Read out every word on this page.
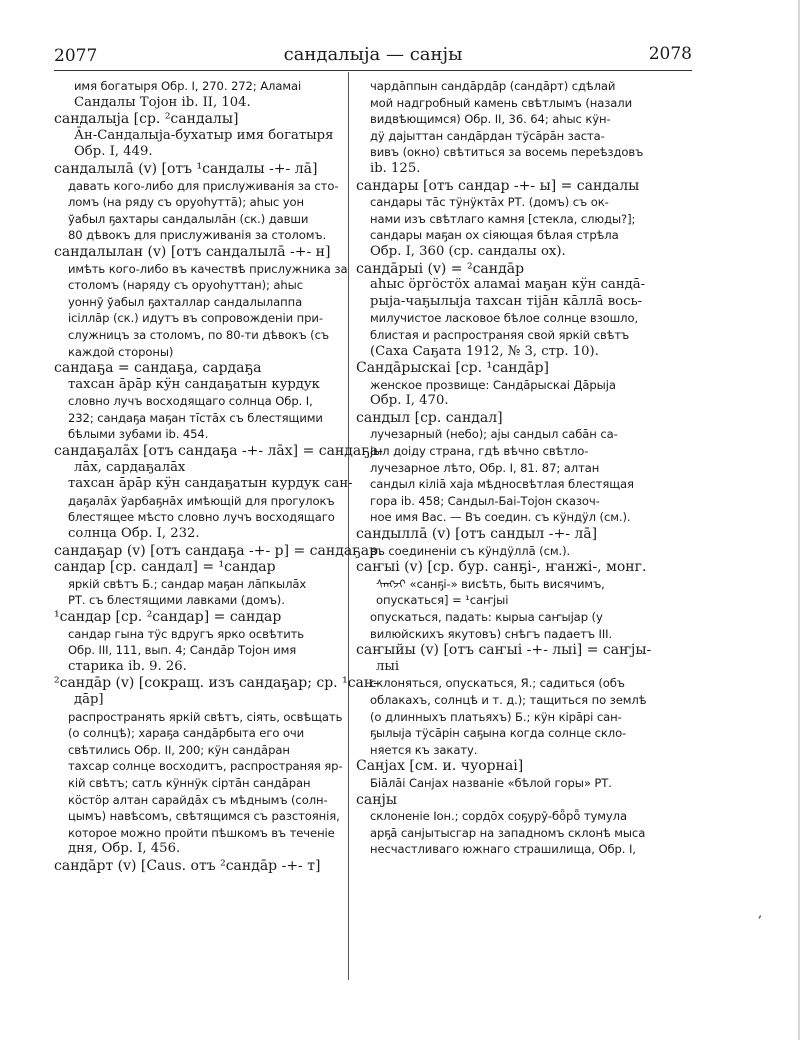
2077	сандалыја — санјы	2078
имя богатыря Обр. I, 270. 272; Аламаі
Сандалы Тојон ib. II, 104.
сандалыја [ср. ²сандалы]
А̄н-Сандалыја-бухатыр имя богатыря
Обр. I, 449.
сандалыла̄ (v) [отъ ¹сандалы -+- ла̄]
давать кого-либо для прислуживанія за сто-
ломъ (на ряду съ оруоһуттā); аһыс уон
ўабыл ҕахтары сандалыла̄н (ск.) давши
80 дѣвокъ для прислуживанія за столомъ.
сандалылан (v) [отъ сандалыла̄ -+- н]
имѣть кого-либо въ качествѣ прислужника за
столомъ (наряду съ оруоһуттан); аһыс
уоннӯ ўабыл ҕахталлар сандалылаппа
ісіллāр (ск.) идутъ въ сопровожденіи при-
служницъ за столомъ, по 80-ти дѣвокъ (съ
каждой стороны)
сандаҕа = сандаҕа, сардаҕа
тахсан а̄рāр кӱн сандаҕатын курдук
словно лучъ восходящаго солнца Обр. I,
232; сандаҕа маҕан тīстāх съ блестящими
бѣлыми зубами ib. 454.
сандаҕалāх [отъ сандаҕа -+- лāх] = сандаҕа-
лāх, сардаҕалāх
тахсан а̄рāр кӱн сандаҕатын курдук сан-
даҕалāх ўарбаҕнāх имѣющій для прогулокъ
блестящее мѣсто словно лучъ восходящаго
солнца Обр. I, 232.
сандаҕар (v) [отъ сандаҕа -+- р] = сандаҕар.
сандар [ср. сандал] = ¹сандар
яркій свѣтъ Б.; сандар маҕан ла̄пкылāх
РТ. съ блестящими лавками (домъ).
¹сандар [ср. ²сандар] = сандар
сандар гына тӱс вдругъ ярко освѣтить
Обр. III, 111, вып. 4; Сандāр Тојон имя
старика ib. 9. 26.
²сандāр (v) [сокращ. изъ сандаҕар; ср. ¹сан-
дāр]
распространять яркій свѣтъ, сіять, освѣщать
(о солнцѣ); хараҕа сандāрбыта его очи
свѣтились Обр. II, 200; кӱн сандāран
тахсар солнце восходитъ, распространяя яр-
кій свѣтъ; сатљ кӱннӱк сіртāн сандāран
кöстöр алтан сарайдāх съ мѣднымъ (солн-
цымъ) навѣсомъ, свѣтящимся съ разстоянія,
которое можно пройти пѣшкомъ въ теченіе
дня, Обр. I, 456.
сандāрт (v) [Caus. отъ ²сандāр -+- т]
чардāппын сандāрдāр (сандāрт) сдѣлай
мой надгробный камень свѣтлымъ (назали
видвѣющимся) Обр. II, 36. 64; аһыс кӱн-
дӱ дајыттан сандāрдан тӱсāрāн заста-
вивъ (окно) свѣтиться за восемь переѣздовъ
ib. 125.
сандары [отъ сандар -+- ы] = сандалы
сандары тāс тӱнӱктāх РТ. (домъ) съ ок-
нами изъ свѣтлаго камня [стекла, слюды?];
сандары маҕан ох сіяющая бѣлая стрѣла
Обр. I, 360 (ср. сандалы ох).
сандāрыі (v) = ²сандāр
аһыс öргöстöх аламаі маҕан кӱн санда̄-
рыја-чаҕылыја тахсан тіјāн кāллā вось-
милучистое ласковое бѣлое солнце взошло,
блистая и распространяя свой яркій свѣтъ
(Саха Саҕата 1912, № 3, стр. 10).
Сандāрыскаі [ср. ¹сандāр]
женское прозвище: Сандāрыскаі Дāрыја
Обр. I, 470.
сандыл [ср. сандал]
лучезарный (небо); ајы сандыл сабāн са-
јыл доіду страна, гдѣ вѣчно свѣтло-
лучезарное лѣто, Обр. I, 81. 87; алтан
сандыл кіліā хаја мѣдносвѣтлая блестящая
гора ib. 458; Сандыл-Баі-Тојон сказоч-
ное имя Вас. — Въ соедин. съ кӱндӱл (см.).
сандыллā (v) [отъ сандыл -+- лā]
въ соединеніи съ кӱндӱллā (см.).
саҥыі (v) [ср. бур. санҕі-, ҥанжі-, монг.
ᠰᠠᠩᠵᠢ «санҕі-» висѣть, быть висячимъ,
опускаться] = ¹саҥјыі
опускаться, падать: кырыа саҥыјар (у
вилюйскихъ якутовъ) снѣгъ падаетъ III.
саҥыйы (v) [отъ саҥыі -+- лыі] = саҥјы-
лыі
склоняться, опускаться, Я.; садиться (объ
облакахъ, солнцѣ и т. д.); тащиться по землѣ
(о длинныхъ платьяхъ) Б.; кӱн кірāрі сан-
ҕылыја тӱсāрін саҕына когда солнце скло-
няется къ закату.
Санјах [см. и. чуорнаі]
Біāлāі Санјах названіе «бѣлой горы» РТ.
санјы
склоненіе Іон.; сордōх соҕурӯ-бȫрȫ тумула
арҕā санјытысгар на западномъ склонѣ мыса
несчастливаго южнаго страшилища, Обр. I,
,
